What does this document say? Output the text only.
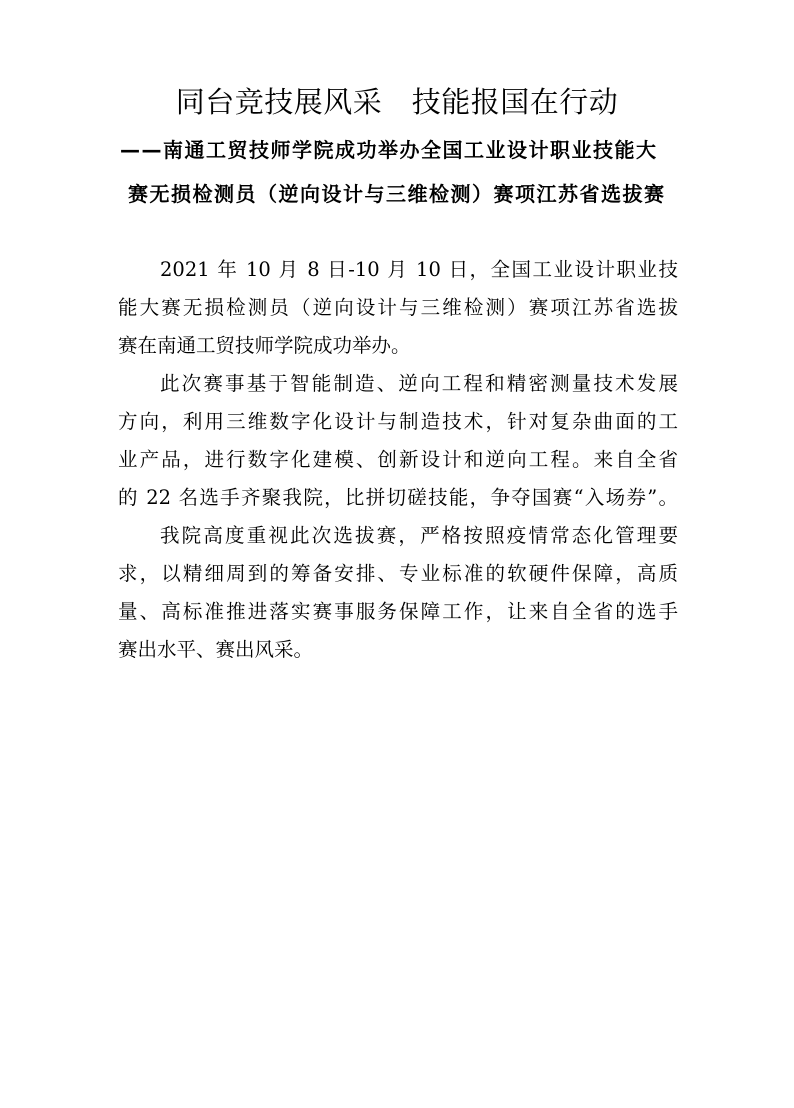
同台竞技展风采　技能报国在行动
——南通工贸技师学院成功举办全国工业设计职业技能大
赛无损检测员（逆向设计与三维检测）赛项江苏省选拔赛
2021 年 10 月 8 日-10 月 10 日，全国工业设计职业技
能大赛无损检测员（逆向设计与三维检测）赛项江苏省选拔
赛在南通工贸技师学院成功举办。
此次赛事基于智能制造、逆向工程和精密测量技术发展
方向，利用三维数字化设计与制造技术，针对复杂曲面的工
业产品，进行数字化建模、创新设计和逆向工程。来自全省
的 22 名选手齐聚我院，比拼切磋技能，争夺国赛“入场券”。
我院高度重视此次选拔赛，严格按照疫情常态化管理要
求，以精细周到的筹备安排、专业标准的软硬件保障，高质
量、高标准推进落实赛事服务保障工作，让来自全省的选手
赛出水平、赛出风采。
